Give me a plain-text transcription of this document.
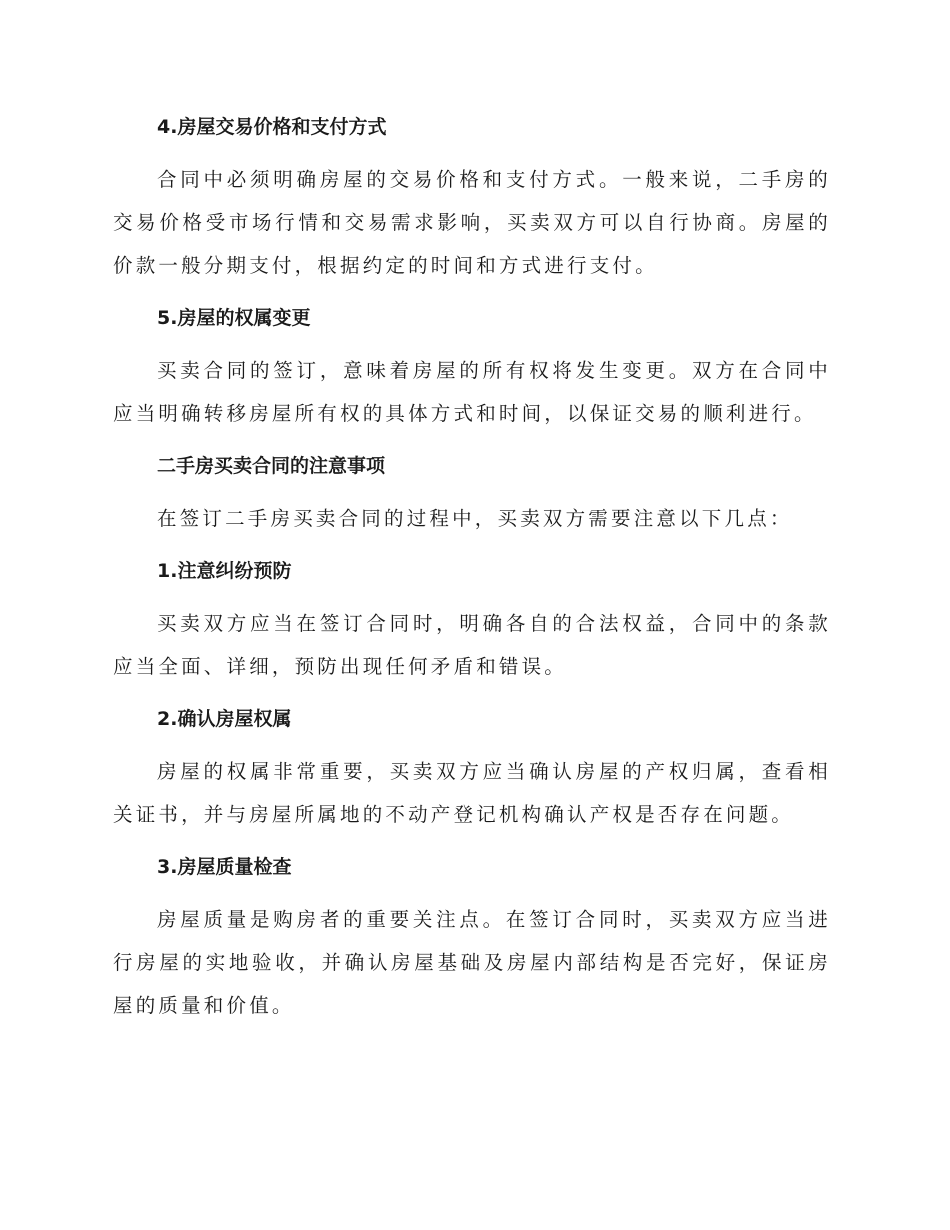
4.房屋交易价格和支付方式

合同中必须明确房屋的交易价格和支付方式。一般来说，二手房的交易价格受市场行情和交易需求影响，买卖双方可以自行协商。房屋的价款一般分期支付，根据约定的时间和方式进行支付。

5.房屋的权属变更

买卖合同的签订，意味着房屋的所有权将发生变更。双方在合同中应当明确转移房屋所有权的具体方式和时间，以保证交易的顺利进行。

二手房买卖合同的注意事项

在签订二手房买卖合同的过程中，买卖双方需要注意以下几点：

1.注意纠纷预防

买卖双方应当在签订合同时，明确各自的合法权益，合同中的条款应当全面、详细，预防出现任何矛盾和错误。

2.确认房屋权属

房屋的权属非常重要，买卖双方应当确认房屋的产权归属，查看相关证书，并与房屋所属地的不动产登记机构确认产权是否存在问题。

3.房屋质量检查

房屋质量是购房者的重要关注点。在签订合同时，买卖双方应当进行房屋的实地验收，并确认房屋基础及房屋内部结构是否完好，保证房屋的质量和价值。
